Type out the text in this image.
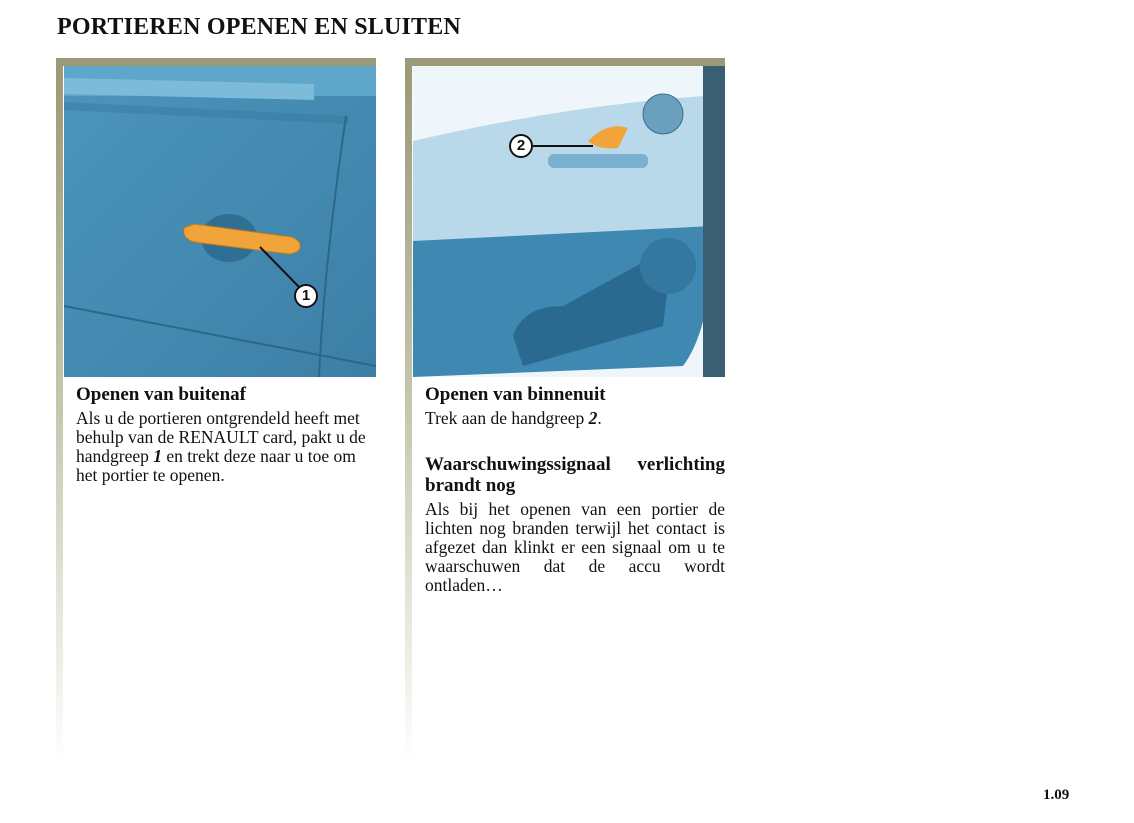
PORTIEREN OPENEN EN SLUITEN
1
Openen van buitenaf

Als u de portieren ontgrendeld heeft met behulp van de RENAULT card, pakt u de handgreep 1 en trekt deze naar u toe om het portier te openen.

2
Openen van binnenuit

Trek aan de handgreep 2.

Waarschuwingssignaal verlichting brandt nog

Als bij het openen van een portier de lichten nog branden terwijl het contact is afgezet dan klinkt er een signaal om u te waarschuwen dat de accu wordt ontladen…

1.09
